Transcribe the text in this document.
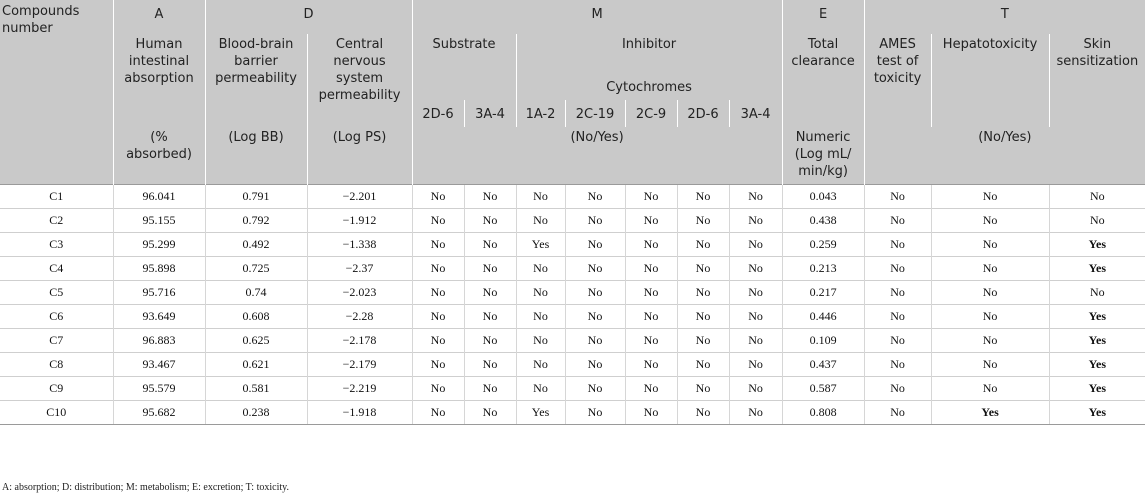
Compounds number	A	D		M							E	T		
	Human intestinal absorption	Blood-brain barrier permeability	Central nervous system permeability	Substrate		Inhibitor					Total clearance	AMES test of toxicity	Hepatotoxicity	Skin sensitization
						Cytochromes								
				2D-6	3A-4	1A-2	2C-19	2C-9	2D-6	3A-4				
	(% absorbed)	(Log BB)	(Log PS)	(No/Yes)							Numeric (Log mL/ min/kg)	(No/Yes)		
C1	96.041	0.791	−2.201	No	No	No	No	No	No	No	0.043	No	No	No
C2	95.155	0.792	−1.912	No	No	No	No	No	No	No	0.438	No	No	No
C3	95.299	0.492	−1.338	No	No	Yes	No	No	No	No	0.259	No	No	Yes
C4	95.898	0.725	−2.37	No	No	No	No	No	No	No	0.213	No	No	Yes
C5	95.716	0.74	−2.023	No	No	No	No	No	No	No	0.217	No	No	No
C6	93.649	0.608	−2.28	No	No	No	No	No	No	No	0.446	No	No	Yes
C7	96.883	0.625	−2.178	No	No	No	No	No	No	No	0.109	No	No	Yes
C8	93.467	0.621	−2.179	No	No	No	No	No	No	No	0.437	No	No	Yes
C9	95.579	0.581	−2.219	No	No	No	No	No	No	No	0.587	No	No	Yes
C10	95.682	0.238	−1.918	No	No	Yes	No	No	No	No	0.808	No	Yes	Yes

A: absorption; D: distribution; M: metabolism; E: excretion; T: toxicity.
